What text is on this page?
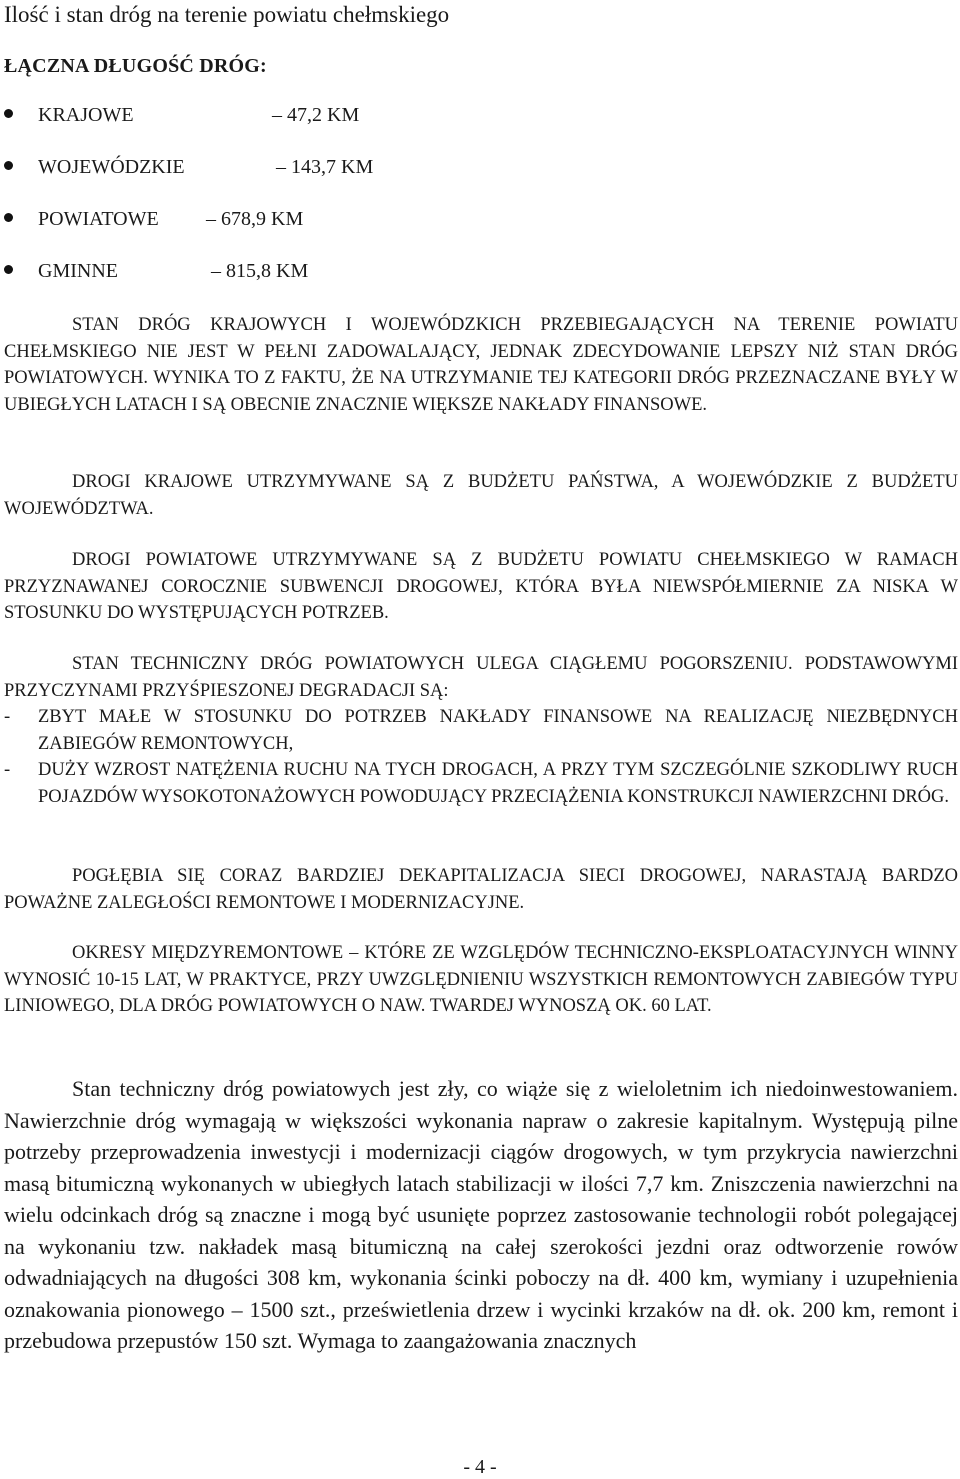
Ilość i stan dróg na terenie powiatu chełmskiego
ŁĄCZNA DŁUGOŚĆ DRÓG:
KRAJOWE	– 47,2 KM
WOJEWÓDZKIE	– 143,7 KM
POWIATOWE – 678,9 KM
GMINNE	– 815,8 KM
STAN DRÓG KRAJOWYCH I WOJEWÓDZKICH PRZEBIEGAJĄCYCH NA TERENIE POWIATU CHEŁMSKIEGO NIE JEST W PEŁNI ZADOWALAJĄCY, JEDNAK ZDECYDOWANIE LEPSZY NIŻ STAN DRÓG POWIATOWYCH. WYNIKA TO Z FAKTU, ŻE NA UTRZYMANIE TEJ KATEGORII DRÓG PRZEZNACZANE BYŁY W UBIEGŁYCH LATACH I SĄ OBECNIE ZNACZNIE WIĘKSZE NAKŁADY FINANSOWE.
DROGI KRAJOWE UTRZYMYWANE SĄ Z BUDŻETU PAŃSTWA, A WOJEWÓDZKIE Z BUDŻETU WOJEWÓDZTWA.
DROGI POWIATOWE UTRZYMYWANE SĄ Z BUDŻETU POWIATU CHEŁMSKIEGO W RAMACH PRZYZNAWANEJ COROCZNIE SUBWENCJI DROGOWEJ, KTÓRA BYŁA NIEWSPÓŁMIERNIE ZA NISKA W STOSUNKU DO WYSTĘPUJĄCYCH POTRZEB.
STAN TECHNICZNY DRÓG POWIATOWYCH ULEGA CIĄGŁEMU POGORSZENIU. PODSTAWOWYMI PRZYCZYNAMI PRZYŚPIESZONEJ DEGRADACJI SĄ:
- ZBYT MAŁE W STOSUNKU DO POTRZEB NAKŁADY FINANSOWE NA REALIZACJĘ NIEZBĘDNYCH ZABIEGÓW REMONTOWYCH,
- DUŻY WZROST NATĘŻENIA RUCHU NA TYCH DROGACH, A PRZY TYM SZCZEGÓLNIE SZKODLIWY RUCH POJAZDÓW WYSOKOTONAŻOWYCH POWODUJĄCY PRZECIĄŻENIA KONSTRUKCJI NAWIERZCHNI DRÓG.
POGŁĘBIA SIĘ CORAZ BARDZIEJ DEKAPITALIZACJA SIECI DROGOWEJ, NARASTAJĄ BARDZO POWAŻNE ZALEGŁOŚCI REMONTOWE I MODERNIZACYJNE.
OKRESY MIĘDZYREMONTOWE – KTÓRE ZE WZGLĘDÓW TECHNICZNO-EKSPLOATACYJNYCH WINNY WYNOSIĆ 10-15 LAT, W PRAKTYCE, PRZY UWZGLĘDNIENIU WSZYSTKICH REMONTOWYCH ZABIEGÓW TYPU LINIOWEGO, DLA DRÓG POWIATOWYCH O NAW. TWARDEJ WYNOSZĄ OK. 60 LAT.
Stan techniczny dróg powiatowych jest zły, co wiąże się z wieloletnim ich niedoinwestowaniem. Nawierzchnie dróg wymagają w większości wykonania napraw o zakresie kapitalnym. Występują pilne potrzeby przeprowadzenia inwestycji i modernizacji ciągów drogowych, w tym przykrycia nawierzchni masą bitumiczną wykonanych w ubiegłych latach stabilizacji w ilości 7,7 km. Zniszczenia nawierzchni na wielu odcinkach dróg są znaczne i mogą być usunięte poprzez zastosowanie technologii robót polegającej na wykonaniu tzw. nakładek masą bitumiczną na całej szerokości jezdni oraz odtworzenie rowów odwadniających na długości 308 km, wykonania ścinki poboczy na dł. 400 km, wymiany i uzupełnienia oznakowania pionowego – 1500 szt., prześwietlenia drzew i wycinki krzaków na dł. ok. 200 km, remont i przebudowa przepustów 150 szt. Wymaga to zaangażowania znacznych
- 4 -
